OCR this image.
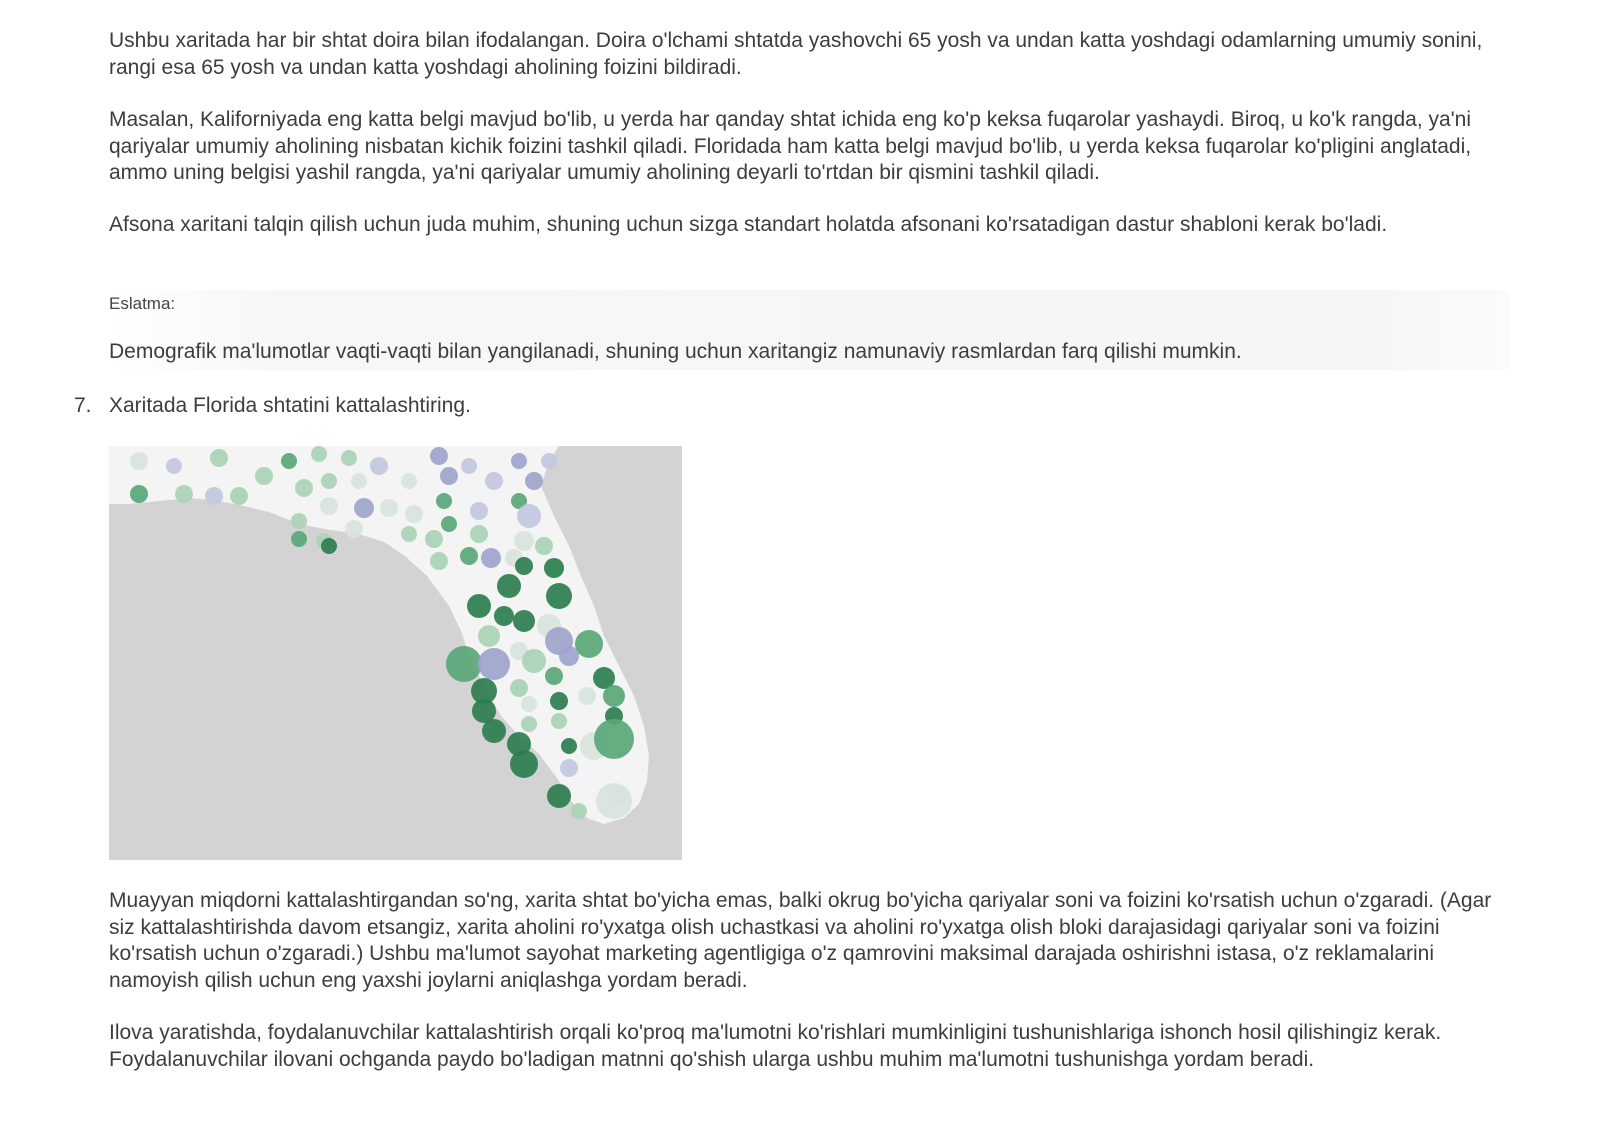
Ushbu xaritada har bir shtat doira bilan ifodalangan. Doira o'lchami shtatda yashovchi 65 yosh va undan katta yoshdagi odamlarning umumiy sonini, rangi esa 65 yosh va undan katta yoshdagi aholining foizini bildiradi.

Masalan, Kaliforniyada eng katta belgi mavjud bo'lib, u yerda har qanday shtat ichida eng ko'p keksa fuqarolar yashaydi. Biroq, u ko'k rangda, ya'ni qariyalar umumiy aholining nisbatan kichik foizini tashkil qiladi. Floridada ham katta belgi mavjud bo'lib, u yerda keksa fuqarolar ko'pligini anglatadi, ammo uning belgisi yashil rangda, ya'ni qariyalar umumiy aholining deyarli to'rtdan bir qismini tashkil qiladi.

Afsona xaritani talqin qilish uchun juda muhim, shuning uchun sizga standart holatda afsonani ko'rsatadigan dastur shabloni kerak bo'ladi.

Eslatma:
Demografik ma'lumotlar vaqti-vaqti bilan yangilanadi, shuning uchun xaritangiz namunaviy rasmlardan farq qilishi mumkin.

Muayyan miqdorni kattalashtirgandan so'ng, xarita shtat bo'yicha emas, balki okrug bo'yicha qariyalar soni va foizini ko'rsatish uchun o'zgaradi. (Agar siz kattalashtirishda davom etsangiz, xarita aholini ro'yxatga olish uchastkasi va aholini ro'yxatga olish bloki darajasidagi qariyalar soni va foizini ko'rsatish uchun o'zgaradi.) Ushbu ma'lumot sayohat marketing agentligiga o'z qamrovini maksimal darajada oshirishni istasa, o'z reklamalarini namoyish qilish uchun eng yaxshi joylarni aniqlashga yordam beradi.

Ilova yaratishda, foydalanuvchilar kattalashtirish orqali ko'proq ma'lumotni ko'rishlari mumkinligini tushunishlariga ishonch hosil qilishingiz kerak. Foydalanuvchilar ilovani ochganda paydo bo'ladigan matnni qo'shish ularga ushbu muhim ma'lumotni tushunishga yordam beradi.

7. Xaritada Florida shtatini kattalashtiring.
